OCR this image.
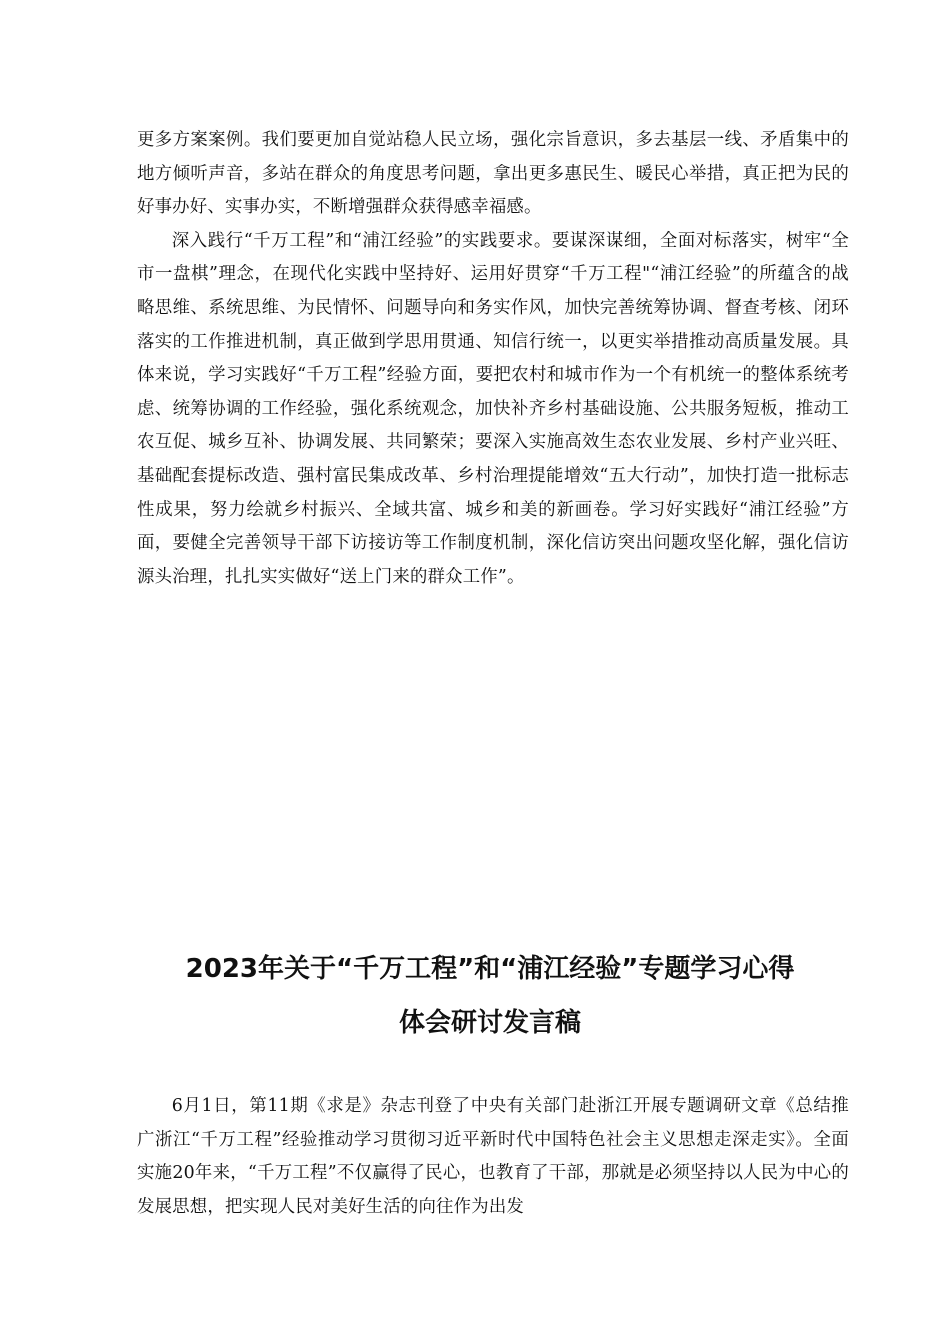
更多方案案例。我们要更加自觉站稳人民立场，强化宗旨意识，多去基层一线、矛盾集中的地方倾听声音，多站在群众的角度思考问题，拿出更多惠民生、暖民心举措，真正把为民的好事办好、实事办实，不断增强群众获得感幸福感。

深入践行“千万工程”和“浦江经验”的实践要求。要谋深谋细，全面对标落实，树牢“全市一盘棋”理念，在现代化实践中坚持好、运用好贯穿“千万工程"“浦江经验”的所蕴含的战略思维、系统思维、为民情怀、问题导向和务实作风，加快完善统筹协调、督查考核、闭环落实的工作推进机制，真正做到学思用贯通、知信行统一，以更实举措推动高质量发展。具体来说，学习实践好“千万工程”经验方面，要把农村和城市作为一个有机统一的整体系统考虑、统筹协调的工作经验，强化系统观念，加快补齐乡村基础设施、公共服务短板，推动工农互促、城乡互补、协调发展、共同繁荣；要深入实施高效生态农业发展、乡村产业兴旺、基础配套提标改造、强村富民集成改革、乡村治理提能增效“五大行动”，加快打造一批标志性成果，努力绘就乡村振兴、全域共富、城乡和美的新画卷。学习好实践好“浦江经验”方面，要健全完善领导干部下访接访等工作制度机制，深化信访突出问题攻坚化解，强化信访源头治理，扎扎实实做好“送上门来的群众工作”。

2023年关于“千万工程”和“浦江经验”专题学习心得
体会研讨发言稿

6月1日，第11期《求是》杂志刊登了中央有关部门赴浙江开展专题调研文章《总结推广浙江“千万工程”经验推动学习贯彻习近平新时代中国特色社会主义思想走深走实》。全面实施20年来，“千万工程”不仅赢得了民心，也教育了干部，那就是必须坚持以人民为中心的发展思想，把实现人民对美好生活的向往作为出发
